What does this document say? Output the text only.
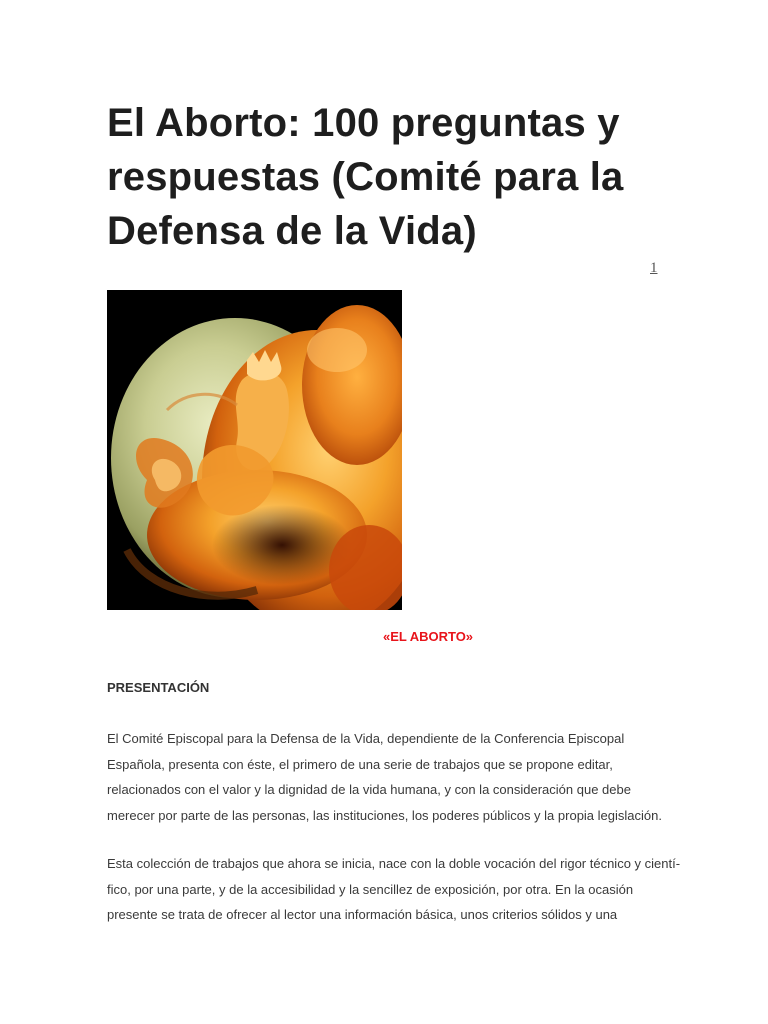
El Aborto: 100 preguntas y respuestas (Comité para la Defensa de la Vida)
1
«EL ABORTO»
PRESENTACIÓN

El Comité Episcopal para la Defensa de la Vida, dependiente de la Conferencia Episcopal
Española, presenta con éste, el primero de una serie de trabajos que se propone editar,
relacionados con el valor y la dignidad de la vida humana, y con la consideración que debe
merecer por parte de las personas, las instituciones, los poderes públicos y la propia legislación.

Esta colección de trabajos que ahora se inicia, nace con la doble vocación del rigor técnico y cientí-
fico, por una parte, y de la accesibilidad y la sencillez de exposición, por otra. En la ocasión
presente se trata de ofrecer al lector una información básica, unos criterios sólidos y una
